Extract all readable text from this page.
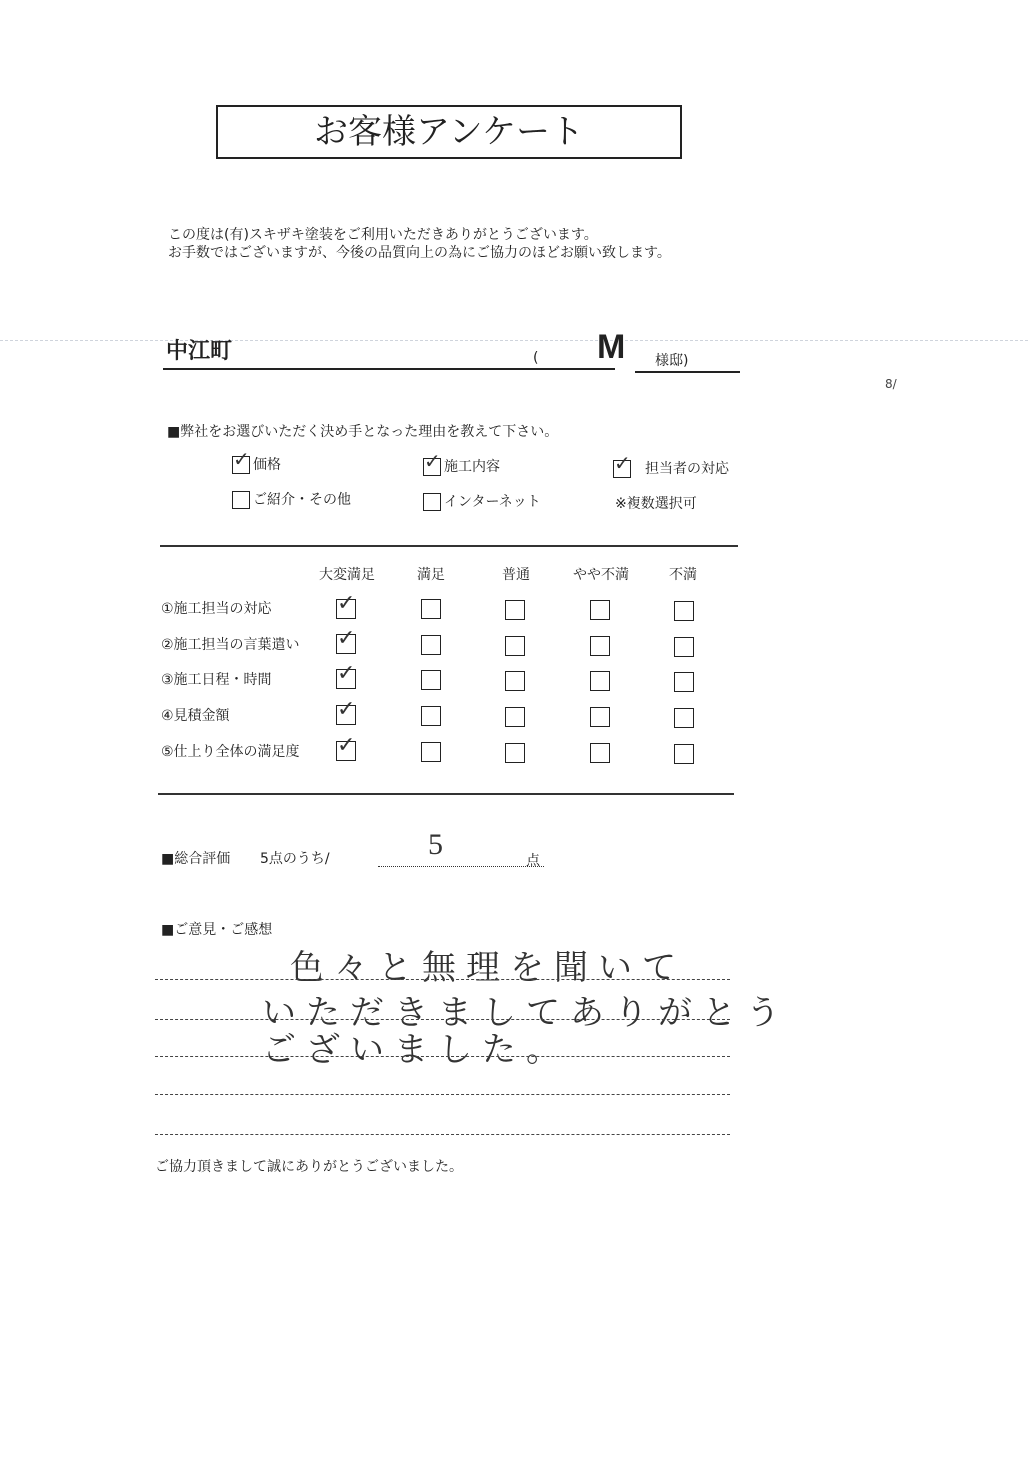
お客様アンケート
この度は(有)スキザキ塗装をご利用いただきありがとうございます。
お手数ではございますが、今後の品質向上の為にご協力のほどお願い致します。
中江町	( M 様邸)
8/
■弊社をお選びいただく決め手となった理由を教えて下さい。
✓ 価格	✓ 施工内容	✓ 担当者の対応
ご紹介・その他	インターネット	※複数選択可
大変満足	満足	普通	やや不満	不満
①施工担当の対応	✓
②施工担当の言葉遣い ✓
③施工日程・時間	✓
④見積金額	✓
⑤仕上り全体の満足度 ✓
■総合評価 5点のうち/	5	点
■ご意見・ご感想
色々と無理を聞いて
いただきましてありがとう
ございました。
ご協力頂きまして誠にありがとうございました。
